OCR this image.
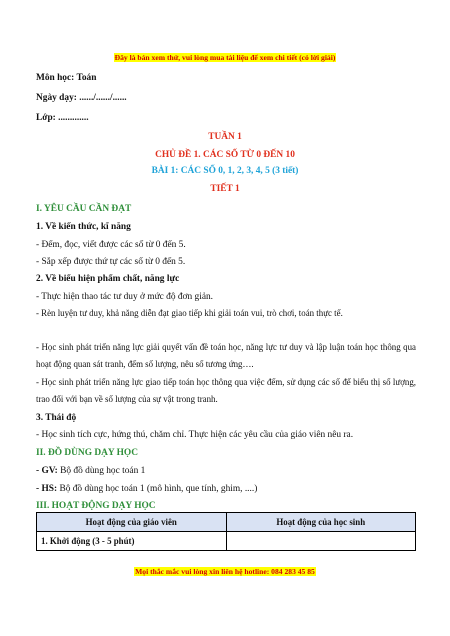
Đây là bản xem thử, vui lòng mua tài liệu để xem chi tiết (có lời giải)
Môn học: Toán
Ngày dạy: ....../....../......
Lớp: .............
TUẦN 1
CHỦ ĐỀ 1. CÁC SỐ TỪ 0 ĐẾN 10
BÀI 1: CÁC SỐ 0, 1, 2, 3, 4, 5 (3 tiết)
TIẾT 1
I. YÊU CẦU CẦN ĐẠT
1. Về kiến thức, kĩ năng
- Đếm, đọc, viết được các số từ 0 đến 5.
- Sắp xếp được thứ tự các số từ 0 đến 5.
2. Về biểu hiện phẩm chất, năng lực
- Thực hiện thao tác tư duy ở mức độ đơn giản.
- Rèn luyện tư duy, khả năng diễn đạt giao tiếp khi giải toán vui, trò chơi, toán thực tế.
- Học sinh phát triển năng lực giải quyết vấn đề toán học, năng lực tư duy và lập luận toán học thông qua hoạt động quan sát tranh, đếm số lượng, nêu số tương ứng….
- Học sinh phát triển năng lực giao tiếp toán học thông qua việc đếm, sử dụng các số để biểu thị số lượng, trao đổi với bạn về số lượng của sự vật trong tranh.
3. Thái độ
- Học sinh tích cực, hứng thú, chăm chỉ. Thực hiện các yêu cầu của giáo viên nêu ra.
II. ĐỒ DÙNG DẠY HỌC
- GV: Bộ đồ dùng học toán 1
- HS: Bộ đồ dùng học toán 1 (mô hình, que tính, ghim, ....)
III. HOẠT ĐỘNG DẠY HỌC
Hoạt động của giáo viên	Hoạt động của học sinh
1. Khởi động (3 - 5 phút)	
Mọi thắc mắc vui lòng xin liên hệ hotline: 084 283 45 85
